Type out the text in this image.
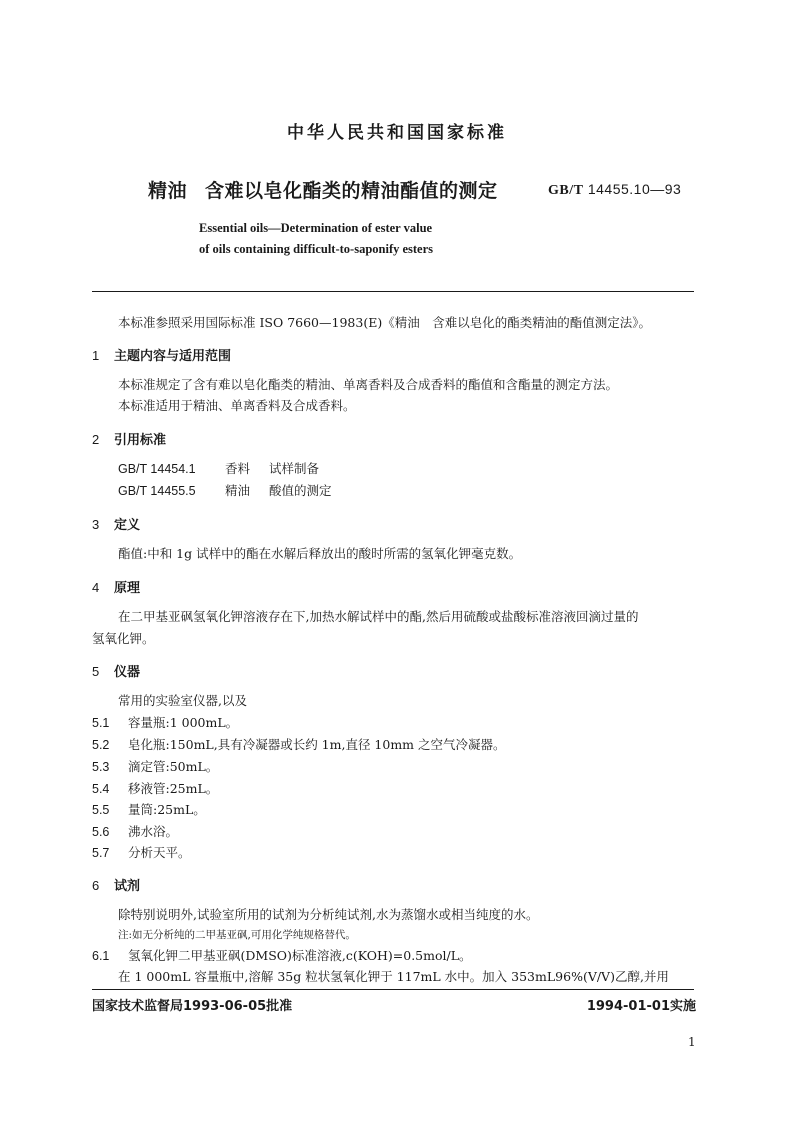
中华人民共和国国家标准
精油 含难以皂化酯类的精油酯值的测定	GB/T 14455.10—93
Essential oils—Determination of ester value
of oils containing difficult-to-saponify esters
本标准参照采用国际标准 ISO 7660—1983(E)《精油　含难以皂化的酯类精油的酯值测定法》。
1 主题内容与适用范围
本标准规定了含有难以皂化酯类的精油、单离香料及合成香料的酯值和含酯量的测定方法。
本标准适用于精油、单离香料及合成香料。
2 引用标准
GB/T 14454.1 香料 试样制备
GB/T 14455.5 精油 酸值的测定
3 定义
酯值:中和 1g 试样中的酯在水解后释放出的酸时所需的氢氧化钾毫克数。
4 原理
在二甲基亚砜氢氧化钾溶液存在下,加热水解试样中的酯,然后用硫酸或盐酸标准溶液回滴过量的
氢氧化钾。
5 仪器
常用的实验室仪器,以及
5.1 容量瓶:1 000mL。
5.2 皂化瓶:150mL,具有冷凝器或长约 1m,直径 10mm 之空气冷凝器。
5.3 滴定管:50mL。
5.4 移液管:25mL。
5.5 量筒:25mL。
5.6 沸水浴。
5.7 分析天平。
6 试剂
除特别说明外,试验室所用的试剂为分析纯试剂,水为蒸馏水或相当纯度的水。
注:如无分析纯的二甲基亚砜,可用化学纯规格替代。
6.1 氢氧化钾二甲基亚砜(DMSO)标准溶液,c(KOH)=0.5mol/L。
在 1 000mL 容量瓶中,溶解 35g 粒状氢氧化钾于 117mL 水中。加入 353mL96%(V/V)乙醇,并用
国家技术监督局1993-06-05批准	1994-01-01实施
1
